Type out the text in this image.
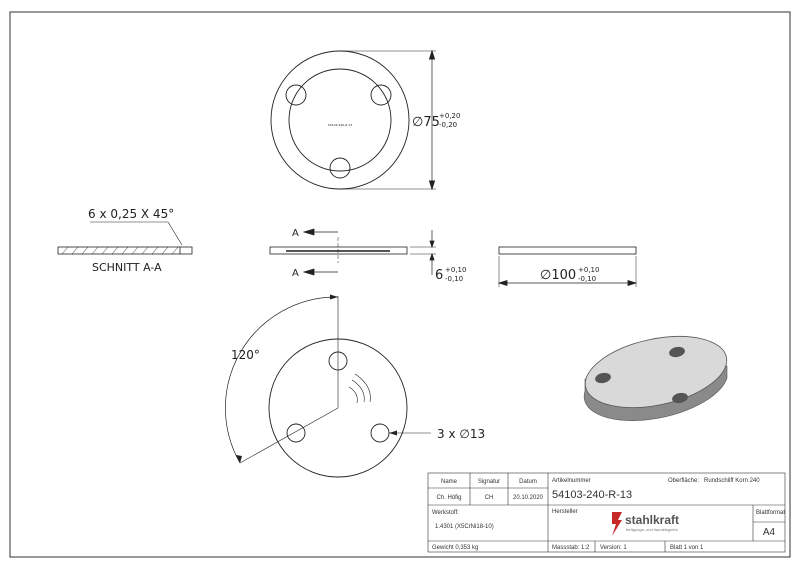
54103-240-R-13	∅75 +0,20
-0,20
6 x 0,25 X 45°
SCHNITT A-A
A
A	6 +0,10
-0,10	∅100 +0,10
-0,10
120°
3 x ∅13
Name	Signatur	Datum
Ch. Höfig	CH	20.10.2020
Artikelnummer
54103-240-R-13
Oberfläche: Rundschliff Korn 240
Werkstoff:
1.4301 (X5CrNi18-10)
Hersteller
stahlkraft
fertigungs- und handelsgmbh
Blattformat
A4
Gewicht 0,353 kg	Massstab: 1:2 Version: 1	Blatt 1 von 1
